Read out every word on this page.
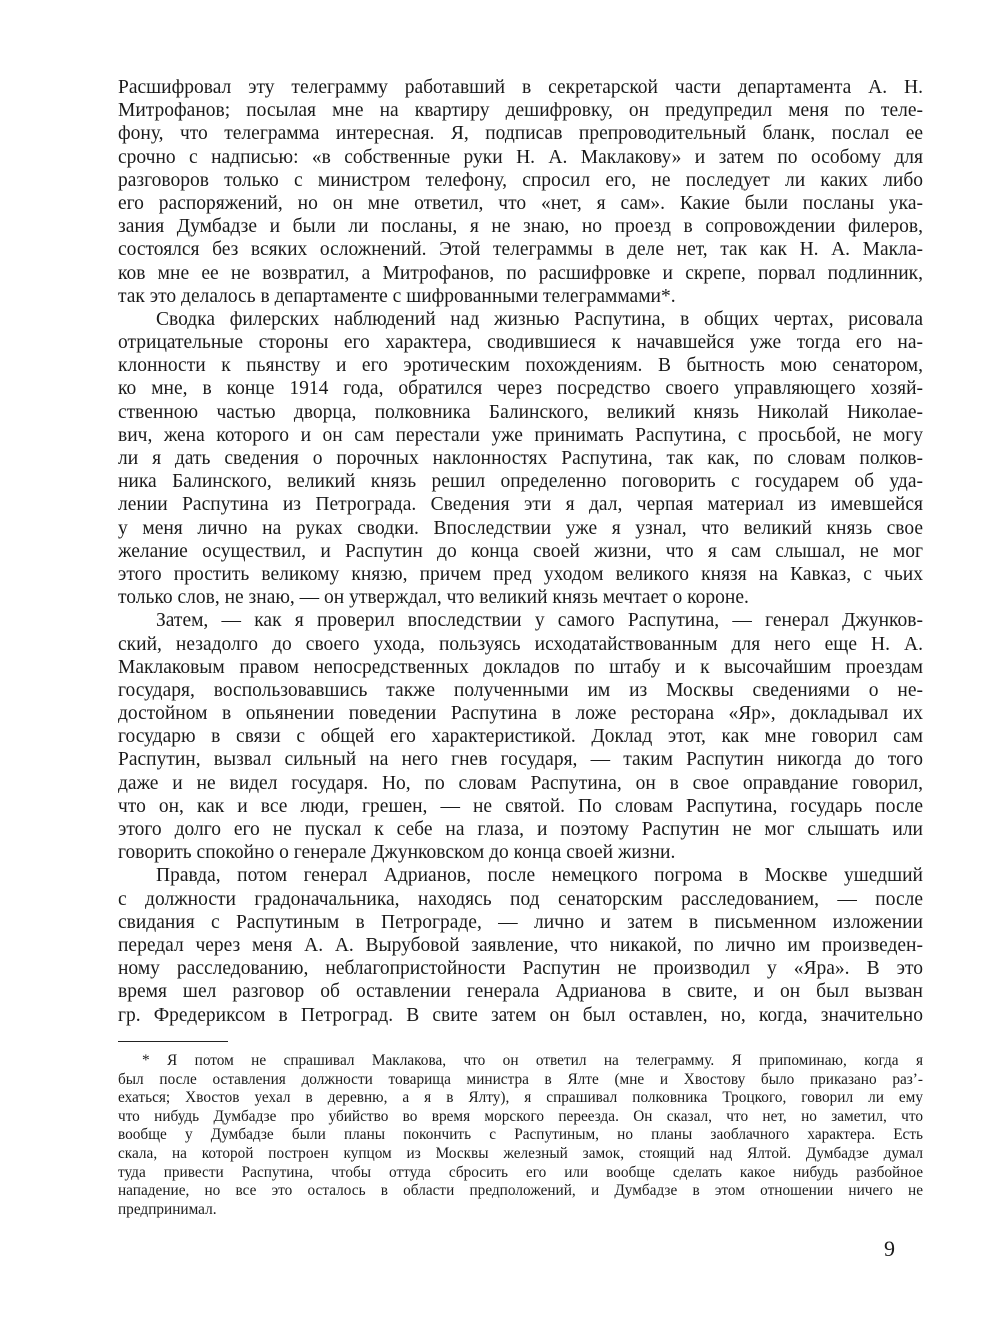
Расшифровал эту телеграмму работавший в секретарской части департамента А. Н.
Митрофанов; посылая мне на квартиру дешифровку, он предупредил меня по теле-
фону, что телеграмма интересная. Я, подписав препроводительный бланк, послал ее
срочно с надписью: «в собственные руки Н. А. Маклакову» и затем по особому для
разговоров только с министром телефону, спросил его, не последует ли каких либо
его распоряжений, но он мне ответил, что «нет, я сам». Какие были посланы ука-
зания Думбадзе и были ли посланы, я не знаю, но проезд в сопровождении филеров,
состоялся без всяких осложнений. Этой телеграммы в деле нет, так как Н. А. Макла-
ков мне ее не возвратил, а Митрофанов, по расшифровке и скрепе, порвал подлинник,
так это делалось в департаменте с шифрованными телеграммами*.
Сводка филерских наблюдений над жизнью Распутина, в общих чертах, рисовала
отрицательные стороны его характера, сводившиеся к начавшейся уже тогда его на-
клонности к пьянству и его эротическим похождениям. В бытность мою сенатором,
ко мне, в конце 1914 года, обратился через посредство своего управляющего хозяй-
ственною частью дворца, полковника Балинского, великий князь Николай Николае-
вич, жена которого и он сам перестали уже принимать Распутина, с просьбой, не могу
ли я дать сведения о порочных наклонностях Распутина, так как, по словам полков-
ника Балинского, великий князь решил определенно поговорить с государем об уда-
лении Распутина из Петрограда. Сведения эти я дал, черпая материал из имевшейся
у меня лично на руках сводки. Впоследствии уже я узнал, что великий князь свое
желание осуществил, и Распутин до конца своей жизни, что я сам слышал, не мог
этого простить великому князю, причем пред уходом великого князя на Кавказ, с чьих
только слов, не знаю, — он утверждал, что великий князь мечтает о короне.
Затем, — как я проверил впоследствии у самого Распутина, — генерал Джунков-
ский, незадолго до своего ухода, пользуясь исходатайствованным для него еще Н. А.
Маклаковым правом непосредственных докладов по штабу и к высочайшим проездам
государя, воспользовавшись также полученными им из Москвы сведениями о не-
достойном в опьянении поведении Распутина в ложе ресторана «Яр», докладывал их
государю в связи с общей его характеристикой. Доклад этот, как мне говорил сам
Распутин, вызвал сильный на него гнев государя, — таким Распутин никогда до того
даже и не видел государя. Но, по словам Распутина, он в свое оправдание говорил,
что он, как и все люди, грешен, — не святой. По словам Распутина, государь после
этого долго его не пускал к себе на глаза, и поэтому Распутин не мог слышать или
говорить спокойно о генерале Джунковском до конца своей жизни.
Правда, потом генерал Адрианов, после немецкого погрома в Москве ушедший
с должности градоначальника, находясь под сенаторским расследованием, — после
свидания с Распутиным в Петрограде, — лично и затем в письменном изложении
передал через меня А. А. Вырубовой заявление, что никакой, по лично им произведен-
ному расследованию, неблагопристойности Распутин не производил у «Яра». В это
время шел разговор об оставлении генерала Адрианова в свите, и он был вызван
гр. Фредериксом в Петроград. В свите затем он был оставлен, но, когда, значительно
* Я потом не спрашивал Маклакова, что он ответил на телеграмму. Я припоминаю, когда я
был после оставления должности товарища министра в Ялте (мне и Хвостову было приказано раз’-
ехаться; Хвостов уехал в деревню, а я в Ялту), я спрашивал полковника Троцкого, говорил ли ему
что нибудь Думбадзе про убийство во время морского переезда. Он сказал, что нет, но заметил, что
вообще у Думбадзе были планы покончить с Распутиным, но планы заоблачного характера. Есть
скала, на которой построен купцом из Москвы железный замок, стоящий над Ялтой. Думбадзе думал
туда привести Распутина, чтобы оттуда сбросить его или вообще сделать какое нибудь разбойное
нападение, но все это осталось в области предположений, и Думбадзе в этом отношении ничего не
предпринимал.
9
